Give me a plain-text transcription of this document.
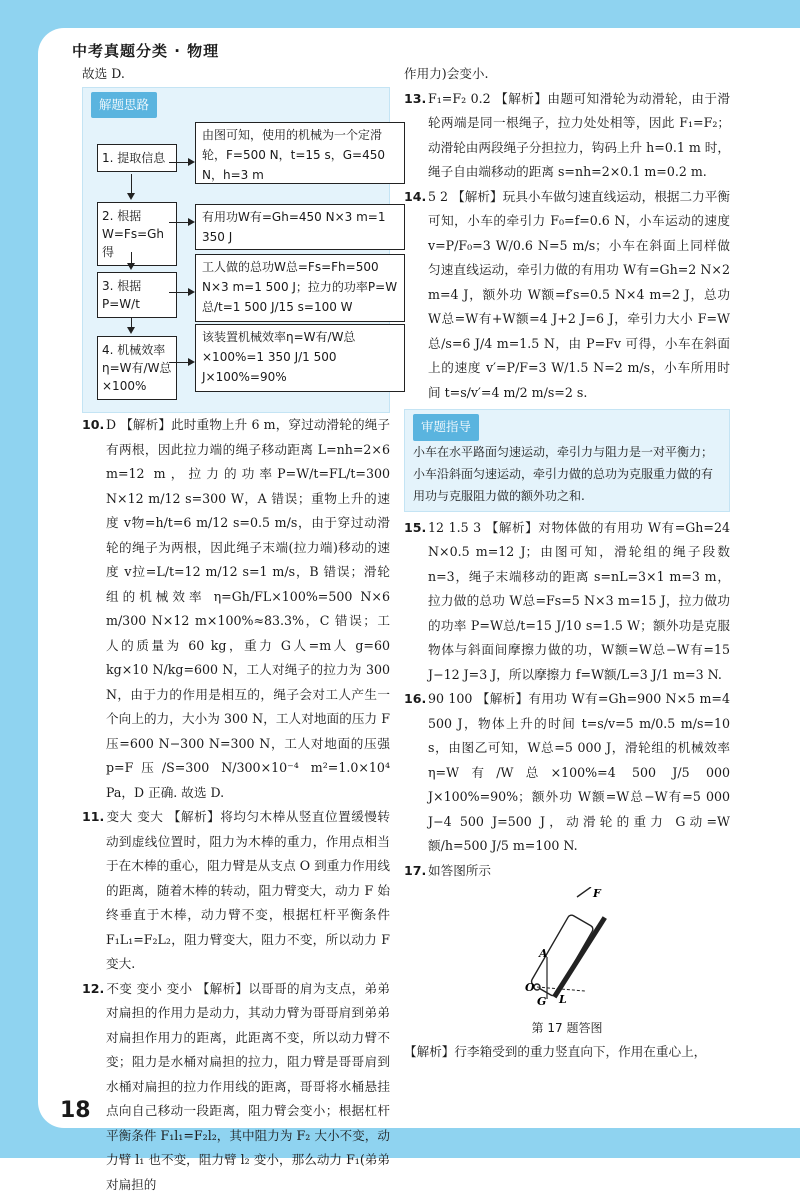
中考真题分类 · 物理

故选 D.

解题思路
1. 提取信息
由图可知，使用的机械为一个定滑轮，F=500 N，t=15 s，G=450 N，h=3 m
2. 根据W=Fs=Gh得
有用功W有=Gh=450 N×3 m=1 350 J
3. 根据P=W/t
工人做的总功W总=Fs=Fh=500 N×3 m=1 500 J；拉力的功率P=W总/t=1 500 J/15 s=100 W
4. 机械效率η=W有/W总×100%
该装置机械效率η=W有/W总×100%=1 350 J/1 500 J×100%=90%

10. D 【解析】此时重物上升 6 m，穿过动滑轮的绳子有两根，因此拉力端的绳子移动距离 L=nh=2×6 m=12 m，拉力的功率P=W/t=FL/t=300 N×12 m/12 s=300 W，A 错误；重物上升的速度 v物=h/t=6 m/12 s=0.5 m/s，由于穿过动滑轮的绳子为两根，因此绳子末端(拉力端)移动的速度 v拉=L/t=12 m/12 s=1 m/s，B 错误；滑轮组的机械效率 η=Gh/FL×100%=500 N×6 m/300 N×12 m×100%≈83.3%，C 错误；工人的质量为 60 kg，重力 G人=m人 g=60 kg×10 N/kg=600 N，工人对绳子的拉力为 300 N，由于力的作用是相互的，绳子会对工人产生一个向上的力，大小为 300 N，工人对地面的压力 F压=600 N−300 N=300 N，工人对地面的压强p=F压/S=300 N/300×10⁻⁴ m²=1.0×10⁴ Pa，D 正确. 故选 D.

11. 变大 变大 【解析】将均匀木棒从竖直位置缓慢转动到虚线位置时，阻力为木棒的重力，作用点相当于在木棒的重心，阻力臂是从支点 O 到重力作用线的距离，随着木棒的转动，阻力臂变大，动力 F 始终垂直于木棒，动力臂不变，根据杠杆平衡条件 F₁L₁=F₂L₂，阻力臂变大，阻力不变，所以动力 F 变大.

12. 不变 变小 变小 【解析】以哥哥的肩为支点，弟弟对扁担的作用力是动力，其动力臂为哥哥肩到弟弟对扁担作用力的距离，此距离不变，所以动力臂不变；阻力是水桶对扁担的拉力，阻力臂是哥哥肩到水桶对扁担的拉力作用线的距离，哥哥将水桶悬挂点向自己移动一段距离，阻力臂会变小；根据杠杆平衡条件 F₁l₁=F₂l₂，其中阻力为 F₂ 大小不变，动力臂 l₁ 也不变，阻力臂 l₂ 变小，那么动力 F₁(弟弟对扁担的

作用力)会变小.

13. F₁=F₂ 0.2 【解析】由题可知滑轮为动滑轮，由于滑轮两端是同一根绳子，拉力处处相等，因此 F₁=F₂；动滑轮由两段绳子分担拉力，钩码上升 h=0.1 m 时，绳子自由端移动的距离 s=nh=2×0.1 m=0.2 m.

14. 5 2 【解析】玩具小车做匀速直线运动，根据二力平衡可知，小车的牵引力 F₀=f=0.6 N，小车运动的速度 v=P/F₀=3 W/0.6 N=5 m/s；小车在斜面上同样做匀速直线运动，牵引力做的有用功 W有=Gh=2 N×2 m=4 J，额外功 W额=f′s=0.5 N×4 m=2 J，总功 W总=W有+W额=4 J+2 J=6 J，牵引力大小 F=W总/s=6 J/4 m=1.5 N，由 P=Fv 可得，小车在斜面上的速度 v′=P/F=3 W/1.5 N=2 m/s，小车所用时间 t=s/v′=4 m/2 m/s=2 s.

审题指导
小车在水平路面匀速运动，牵引力与阻力是一对平衡力；小车沿斜面匀速运动，牵引力做的总功为克服重力做的有用功与克服阻力做的额外功之和.

15. 12 1.5 3 【解析】对物体做的有用功 W有=Gh=24 N×0.5 m=12 J；由图可知，滑轮组的绳子段数 n=3，绳子末端移动的距离 s=nL=3×1 m=3 m，拉力做的总功 W总=Fs=5 N×3 m=15 J，拉力做功的功率 P=W总/t=15 J/10 s=1.5 W；额外功是克服物体与斜面间摩擦力做的功，W额=W总−W有=15 J−12 J=3 J，所以摩擦力 f=W额/L=3 J/1 m=3 N.

16. 90 100 【解析】有用功 W有=Gh=900 N×5 m=4 500 J，物体上升的时间 t=s/v=5 m/0.5 m/s=10 s，由图乙可知，W总=5 000 J，滑轮组的机械效率 η=W有/W总×100%=4 500 J/5 000 J×100%=90%；额外功 W额=W总−W有=5 000 J−4 500 J=500 J，动滑轮的重力 G动=W额/h=500 J/5 m=100 N.

17. 如答图所示

F
A
O
L
G
第 17 题答图

【解析】行李箱受到的重力竖直向下，作用在重心上，

18
